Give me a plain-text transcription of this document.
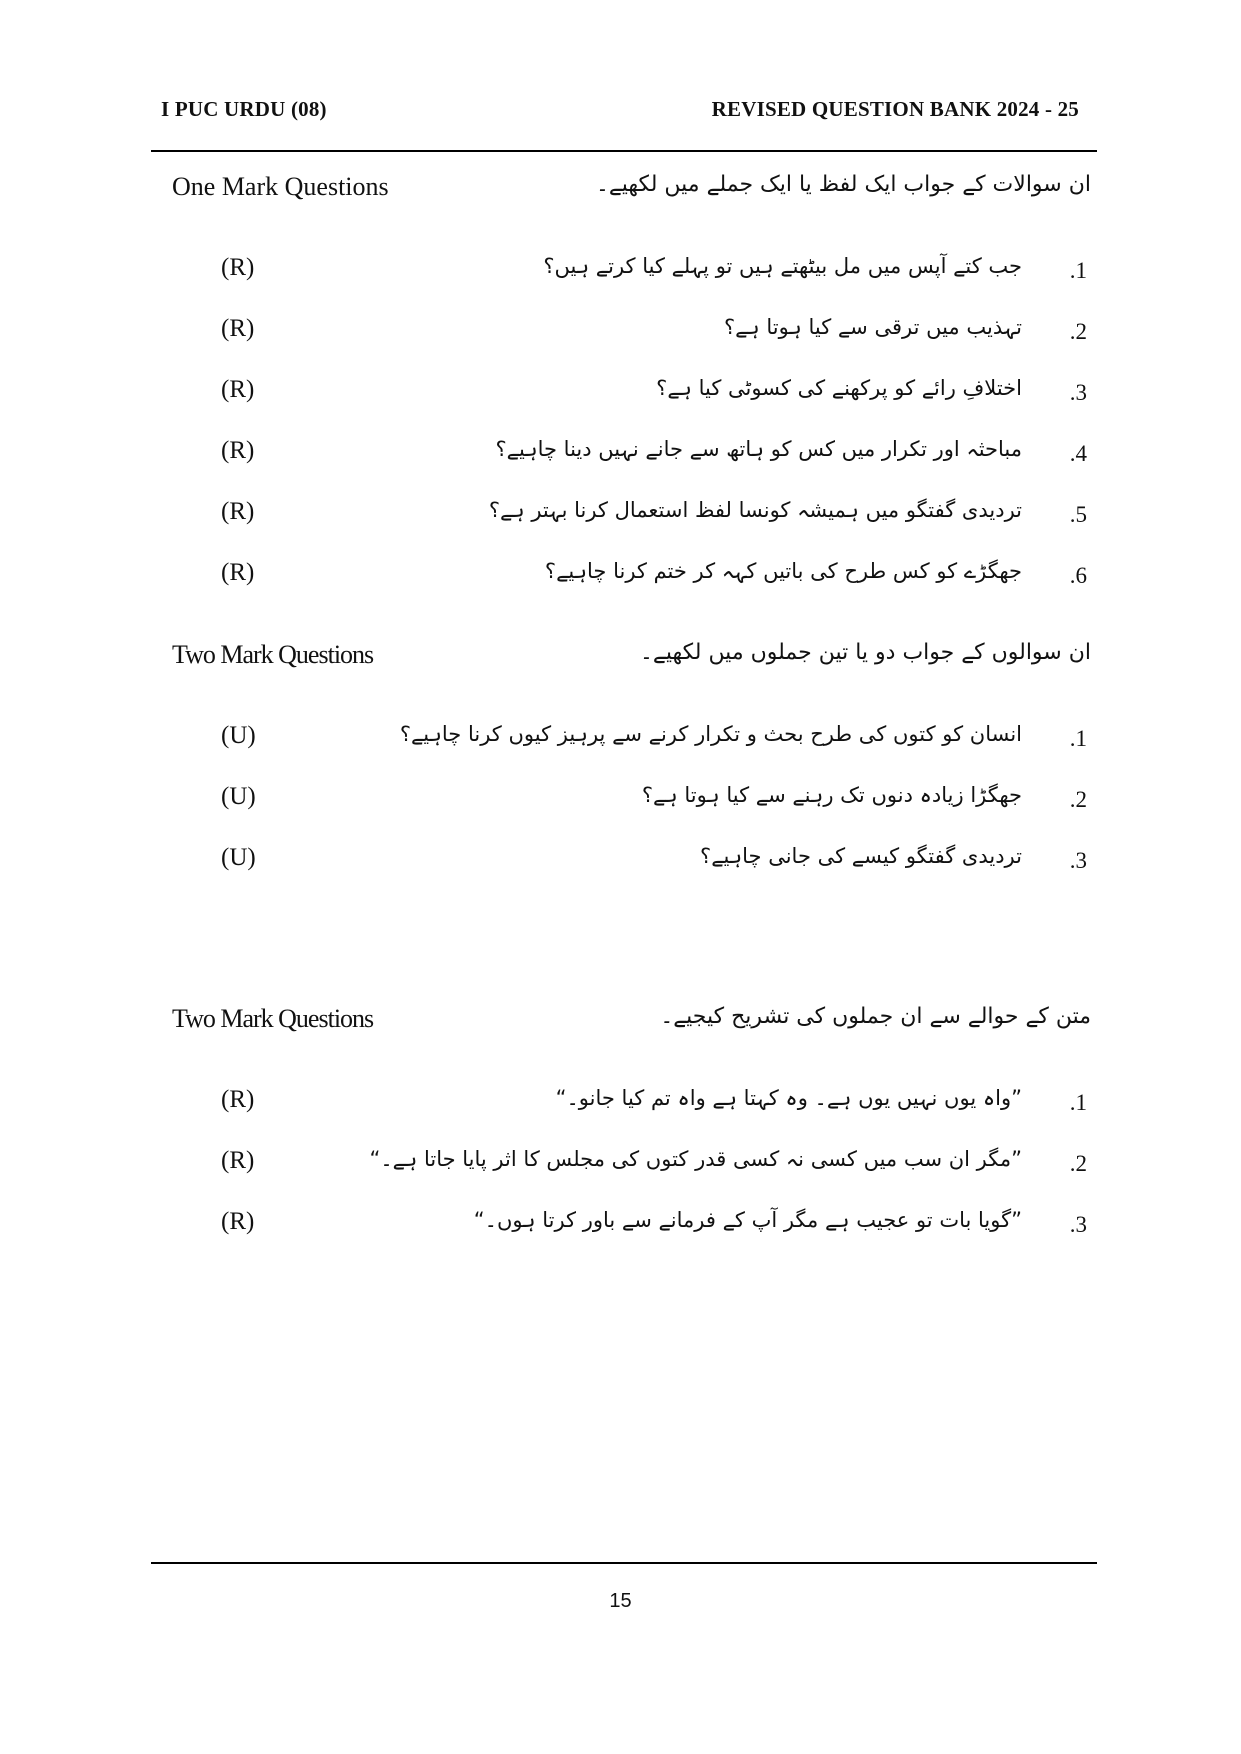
I PUC URDU (08)	REVISED QUESTION BANK 2024 - 25
One Mark Questions	ان سوالات کے جواب ایک لفظ یا ایک جملے میں لکھیے۔
(R)	جب کتے آپس میں مل بیٹھتے ہیں تو پہلے کیا کرتے ہیں؟ .1
(R)	تہذیب میں ترقی سے کیا ہوتا ہے؟ .2
(R)	اختلافِ رائے کو پرکھنے کی کسوٹی کیا ہے؟ .3
(R)	مباحثہ اور تکرار میں کس کو ہاتھ سے جانے نہیں دینا چاہیے؟ .4
(R)	تردیدی گفتگو میں ہمیشہ کونسا لفظ استعمال کرنا بہتر ہے؟ .5
(R)	جھگڑے کو کس طرح کی باتیں کہہ کر ختم کرنا چاہیے؟ .6
Two Mark Questions	ان سوالوں کے جواب دو یا تین جملوں میں لکھیے۔
(U)	انسان کو کتوں کی طرح بحث و تکرار کرنے سے پرہیز کیوں کرنا چاہیے؟ .1
(U)	جھگڑا زیادہ دنوں تک رہنے سے کیا ہوتا ہے؟ .2
(U)	تردیدی گفتگو کیسے کی جانی چاہیے؟ .3
Two Mark Questions	متن کے حوالے سے ان جملوں کی تشریح کیجیے۔
(R)	”واہ یوں نہیں یوں ہے۔ وہ کہتا ہے واہ تم کیا جانو۔“ .1
(R)	”مگر ان سب میں کسی نہ کسی قدر کتوں کی مجلس کا اثر پایا جاتا ہے۔“ .2
(R)	”گویا بات تو عجیب ہے مگر آپ کے فرمانے سے باور کرتا ہوں۔“ .3
15
